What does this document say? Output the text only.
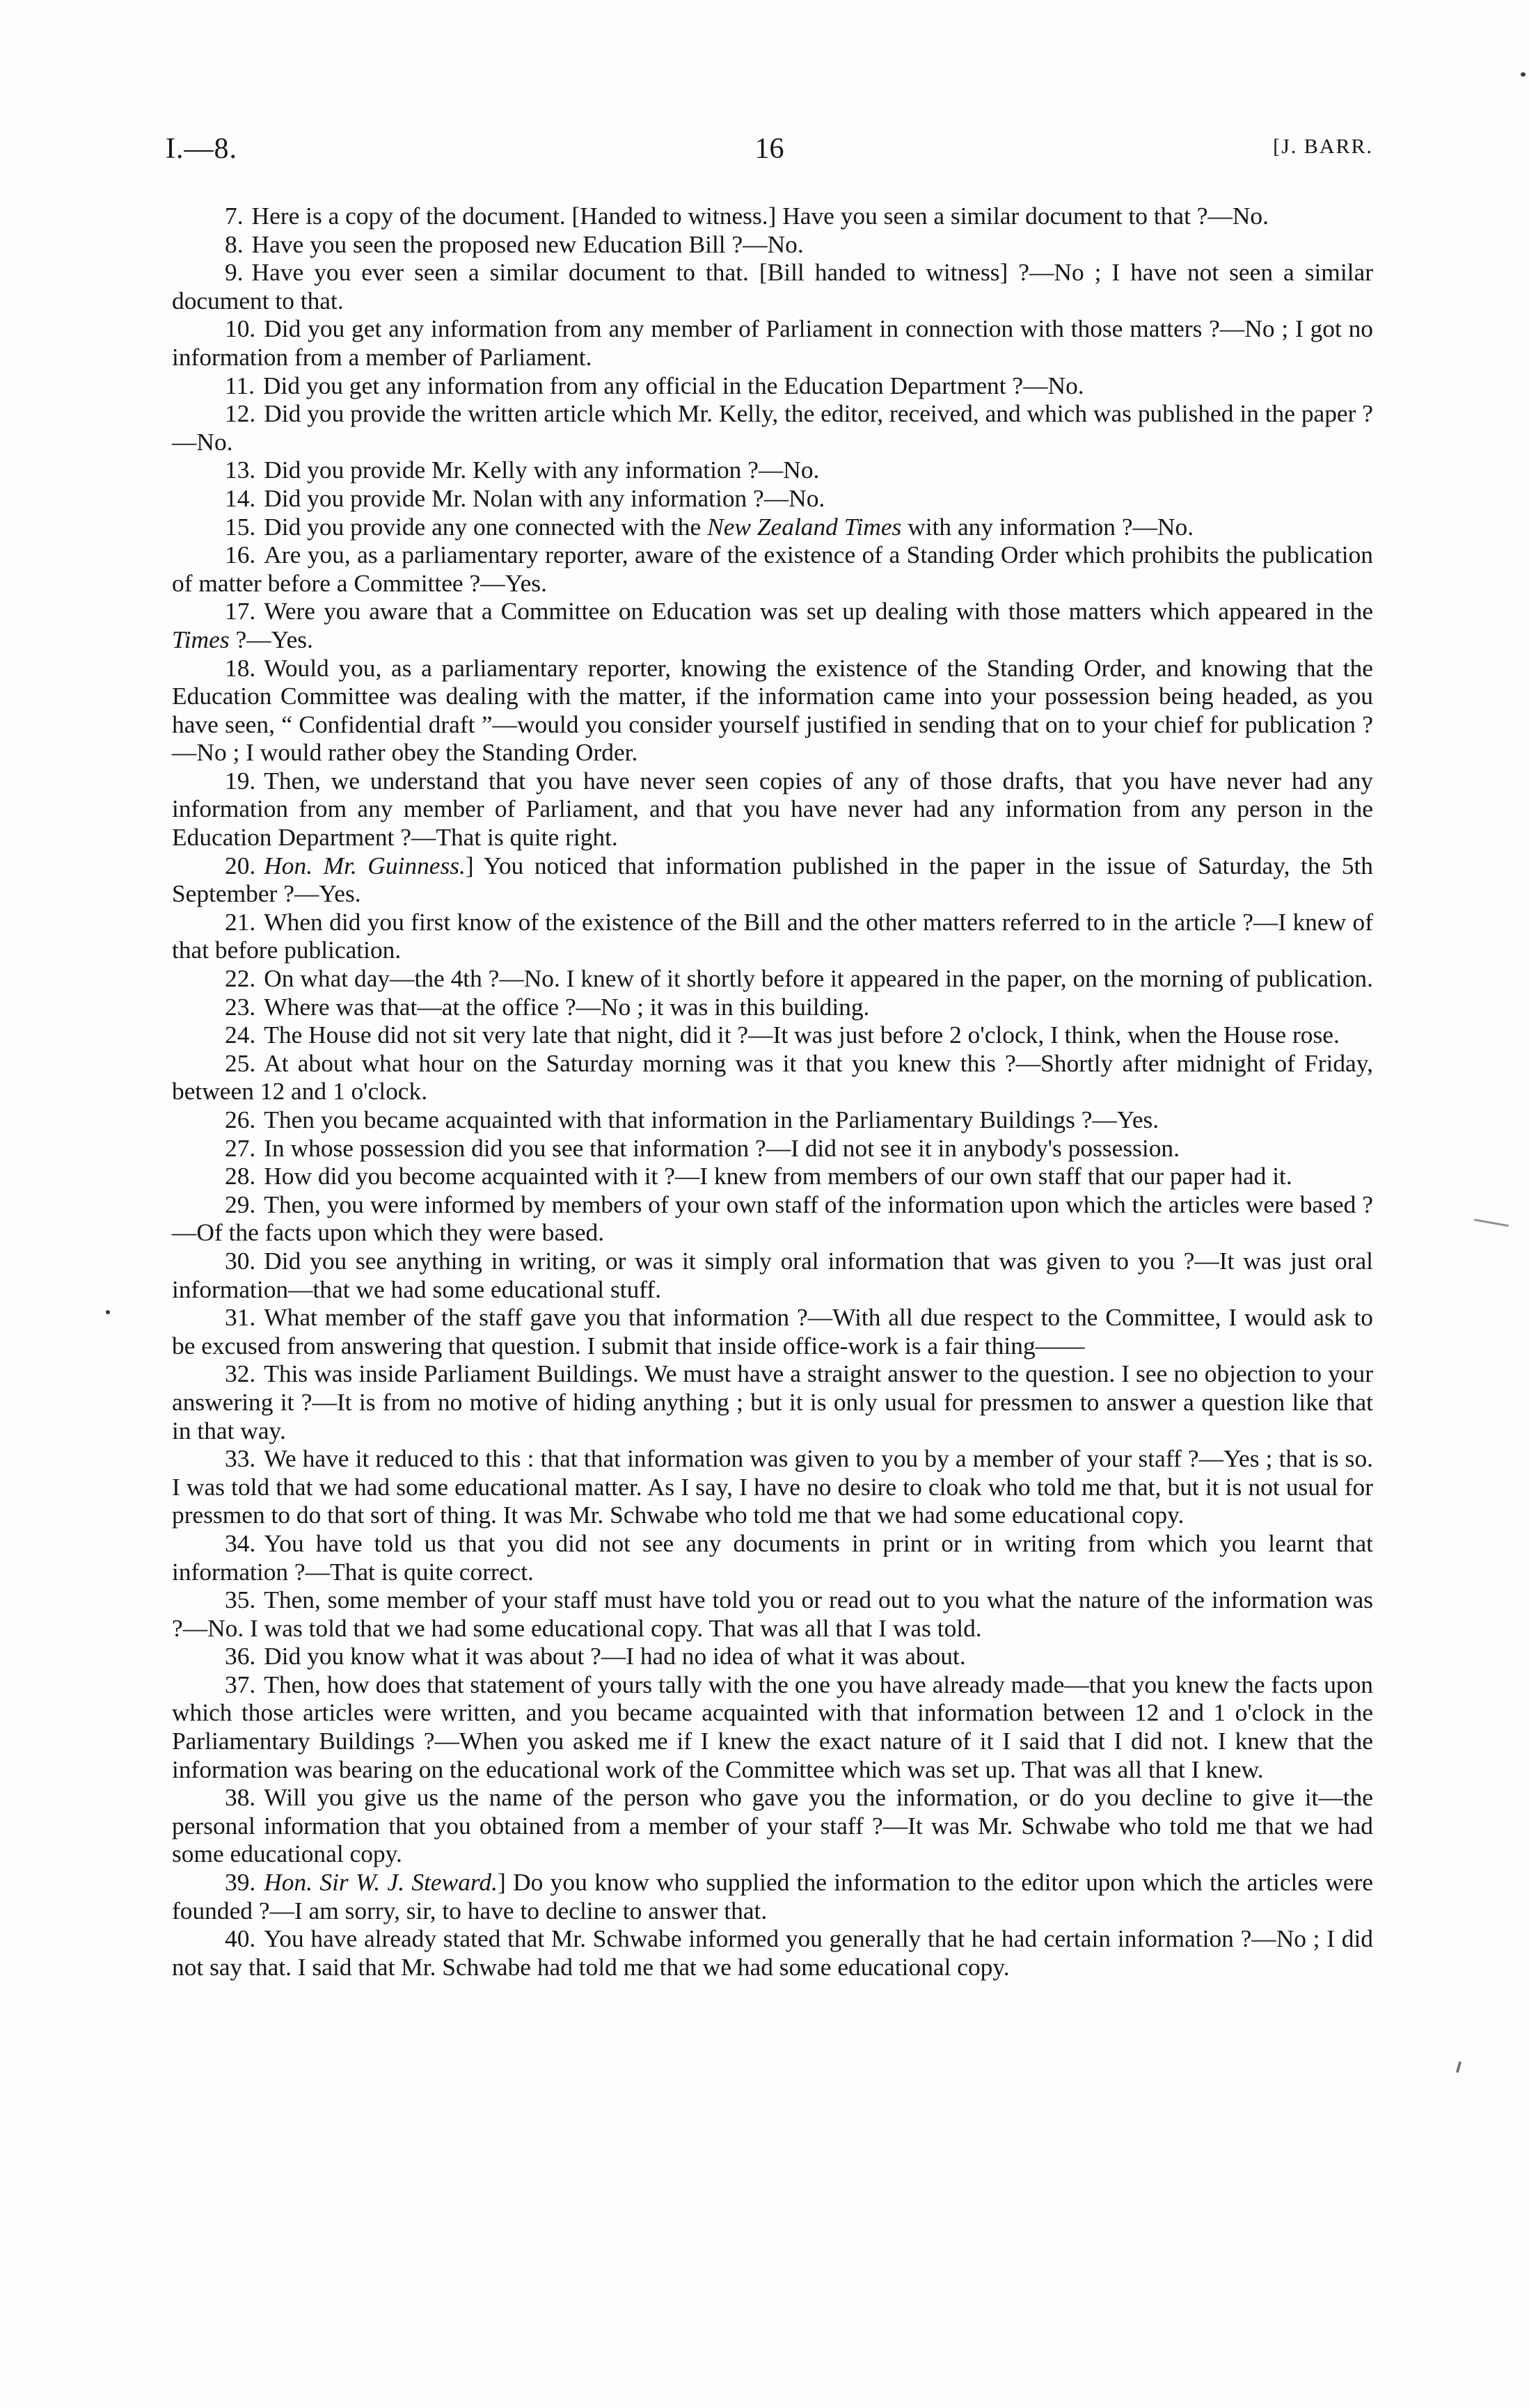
I.—8.	16	[J. BARR.

7. Here is a copy of the document. [Handed to witness.] Have you seen a similar document to that ?—No.

8. Have you seen the proposed new Education Bill ?—No.

9. Have you ever seen a similar document to that. [Bill handed to witness] ?—No ; I have not seen a similar document to that.

10. Did you get any information from any member of Parliament in connection with those matters ?—No ; I got no information from a member of Parliament.

11. Did you get any information from any official in the Education Department ?—No.

12. Did you provide the written article which Mr. Kelly, the editor, received, and which was published in the paper ?—No.

13. Did you provide Mr. Kelly with any information ?—No.

14. Did you provide Mr. Nolan with any information ?—No.

15. Did you provide any one connected with the New Zealand Times with any information ?—No.

16. Are you, as a parliamentary reporter, aware of the existence of a Standing Order which prohibits the publication of matter before a Committee ?—Yes.

17. Were you aware that a Committee on Education was set up dealing with those matters which appeared in the Times ?—Yes.

18. Would you, as a parliamentary reporter, knowing the existence of the Standing Order, and knowing that the Education Committee was dealing with the matter, if the information came into your possession being headed, as you have seen, “ Confidential draft ”—would you consider yourself justified in sending that on to your chief for publication ?—No ; I would rather obey the Standing Order.

19. Then, we understand that you have never seen copies of any of those drafts, that you have never had any information from any member of Parliament, and that you have never had any information from any person in the Education Department ?—That is quite right.

20. Hon. Mr. Guinness.] You noticed that information published in the paper in the issue of Saturday, the 5th September ?—Yes.

21. When did you first know of the existence of the Bill and the other matters referred to in the article ?—I knew of that before publication.

22. On what day—the 4th ?—No. I knew of it shortly before it appeared in the paper, on the morning of publication.

23. Where was that—at the office ?—No ; it was in this building.

24. The House did not sit very late that night, did it ?—It was just before 2 o'clock, I think, when the House rose.

25. At about what hour on the Saturday morning was it that you knew this ?—Shortly after midnight of Friday, between 12 and 1 o'clock.

26. Then you became acquainted with that information in the Parliamentary Buildings ?—Yes.

27. In whose possession did you see that information ?—I did not see it in anybody's possession.

28. How did you become acquainted with it ?—I knew from members of our own staff that our paper had it.

29. Then, you were informed by members of your own staff of the information upon which the articles were based ?—Of the facts upon which they were based.

30. Did you see anything in writing, or was it simply oral information that was given to you ?—It was just oral information—that we had some educational stuff.

31. What member of the staff gave you that information ?—With all due respect to the Committee, I would ask to be excused from answering that question. I submit that inside office-work is a fair thing——

32. This was inside Parliament Buildings. We must have a straight answer to the question. I see no objection to your answering it ?—It is from no motive of hiding anything ; but it is only usual for pressmen to answer a question like that in that way.

33. We have it reduced to this : that that information was given to you by a member of your staff ?—Yes ; that is so. I was told that we had some educational matter. As I say, I have no desire to cloak who told me that, but it is not usual for pressmen to do that sort of thing. It was Mr. Schwabe who told me that we had some educational copy.

34. You have told us that you did not see any documents in print or in writing from which you learnt that information ?—That is quite correct.

35. Then, some member of your staff must have told you or read out to you what the nature of the information was ?—No. I was told that we had some educational copy. That was all that I was told.

36. Did you know what it was about ?—I had no idea of what it was about.

37. Then, how does that statement of yours tally with the one you have already made—that you knew the facts upon which those articles were written, and you became acquainted with that information between 12 and 1 o'clock in the Parliamentary Buildings ?—When you asked me if I knew the exact nature of it I said that I did not. I knew that the information was bearing on the educational work of the Committee which was set up. That was all that I knew.

38. Will you give us the name of the person who gave you the information, or do you decline to give it—the personal information that you obtained from a member of your staff ?—It was Mr. Schwabe who told me that we had some educational copy.

39. Hon. Sir W. J. Steward.] Do you know who supplied the information to the editor upon which the articles were founded ?—I am sorry, sir, to have to decline to answer that.

40. You have already stated that Mr. Schwabe informed you generally that he had certain information ?—No ; I did not say that. I said that Mr. Schwabe had told me that we had some educational copy.
